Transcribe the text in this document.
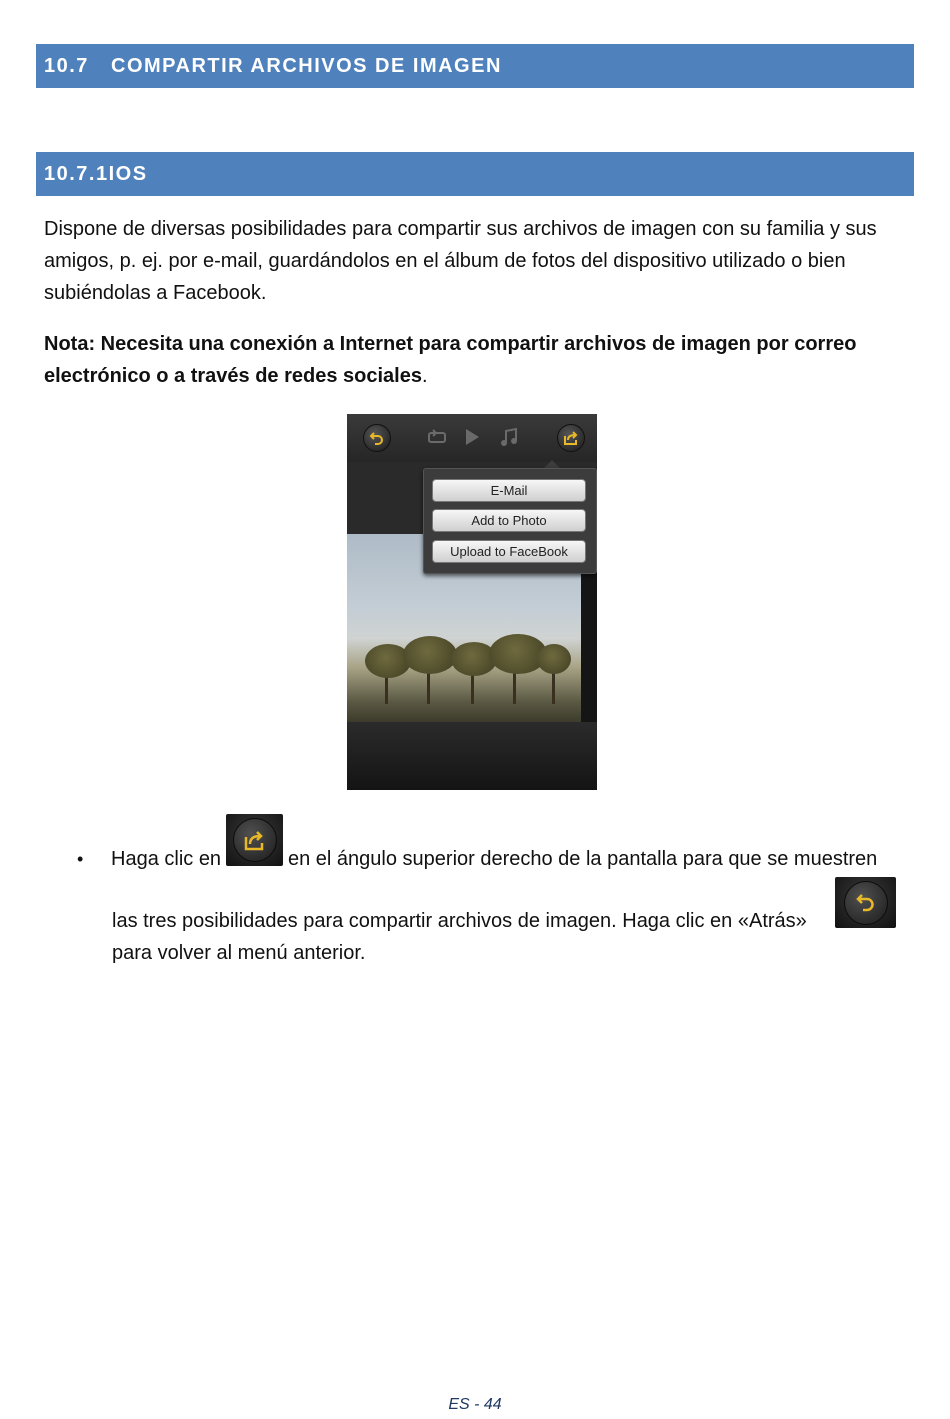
10.7	COMPARTIR ARCHIVOS DE IMAGEN
10.7.1IOS

Dispone de diversas posibilidades para compartir sus archivos de imagen con su familia y sus amigos, p. ej. por e-mail, guardándolos en el álbum de fotos del dispositivo utilizado o bien subiéndolas a Facebook.

Nota: Necesita una conexión a Internet para compartir archivos de imagen por correo electrónico o a través de redes sociales.

E-Mail
Add to Photo
Upload to FaceBook
• Haga clic en	en el ángulo superior derecho de la pantalla para que se muestren
las tres posibilidades para compartir archivos de imagen. Haga clic en «Atrás»
para volver al menú anterior.
ES - 44
